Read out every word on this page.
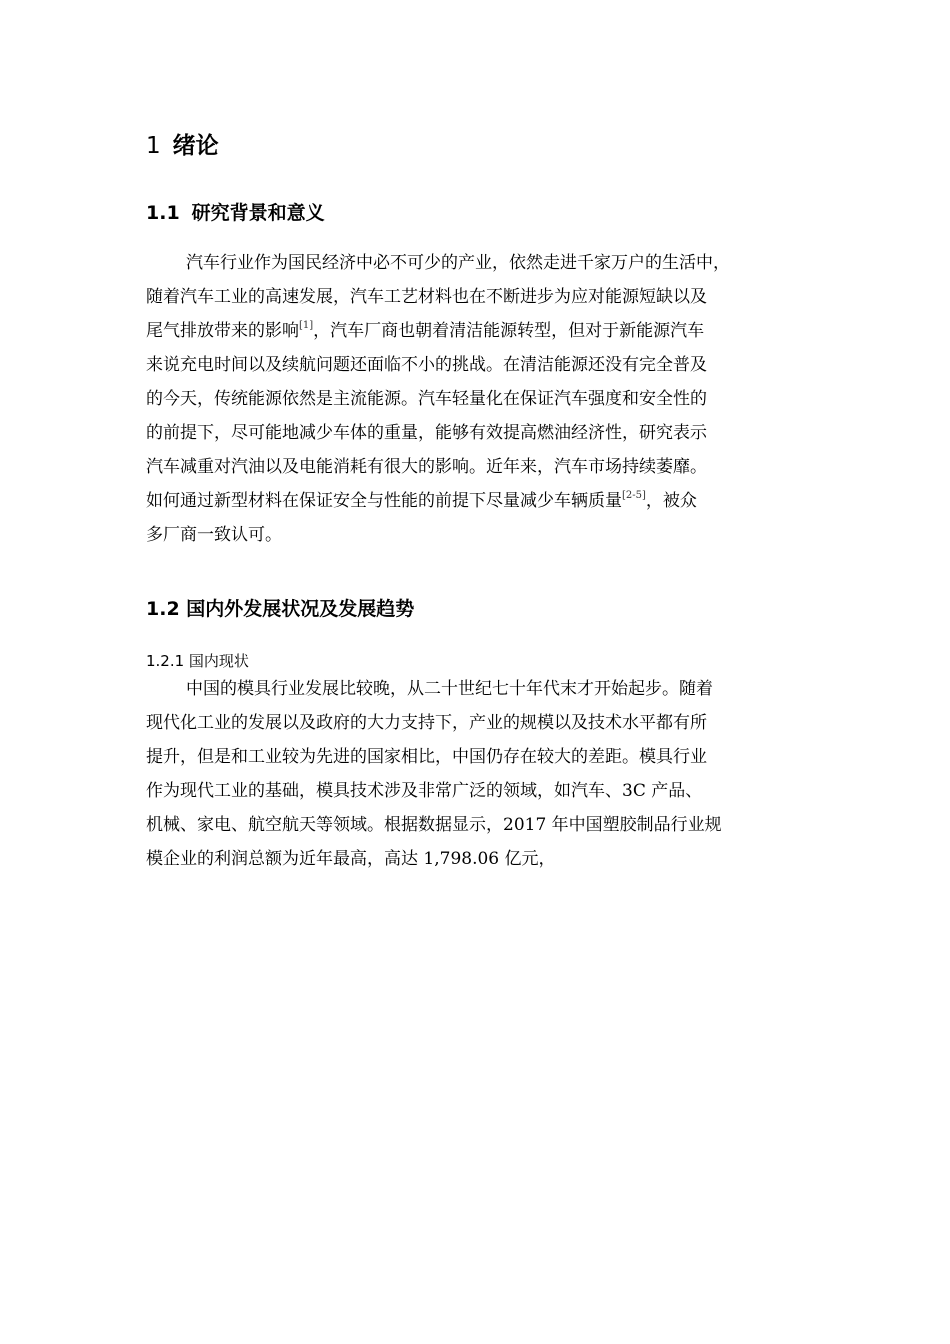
1 绪论
1.1 研究背景和意义
汽车行业作为国民经济中必不可少的产业，依然走进千家万户的生活中，
随着汽车工业的高速发展，汽车工艺材料也在不断进步为应对能源短缺以及
尾气排放带来的影响[1]，汽车厂商也朝着清洁能源转型，但对于新能源汽车
来说充电时间以及续航问题还面临不小的挑战。在清洁能源还没有完全普及
的今天，传统能源依然是主流能源。汽车轻量化在保证汽车强度和安全性的
的前提下，尽可能地减少车体的重量，能够有效提高燃油经济性，研究表示
汽车减重对汽油以及电能消耗有很大的影响。近年来，汽车市场持续萎靡。
如何通过新型材料在保证安全与性能的前提下尽量减少车辆质量[2-5]，被众
多厂商一致认可。
1.2 国内外发展状况及发展趋势
1.2.1 国内现状
中国的模具行业发展比较晚，从二十世纪七十年代末才开始起步。随着
现代化工业的发展以及政府的大力支持下，产业的规模以及技术水平都有所
提升，但是和工业较为先进的国家相比，中国仍存在较大的差距。模具行业
作为现代工业的基础，模具技术涉及非常广泛的领域，如汽车、3C 产品、
机械、家电、航空航天等领域。根据数据显示，2017 年中国塑胶制品行业规
模企业的利润总额为近年最高，高达 1,798.06 亿元，
